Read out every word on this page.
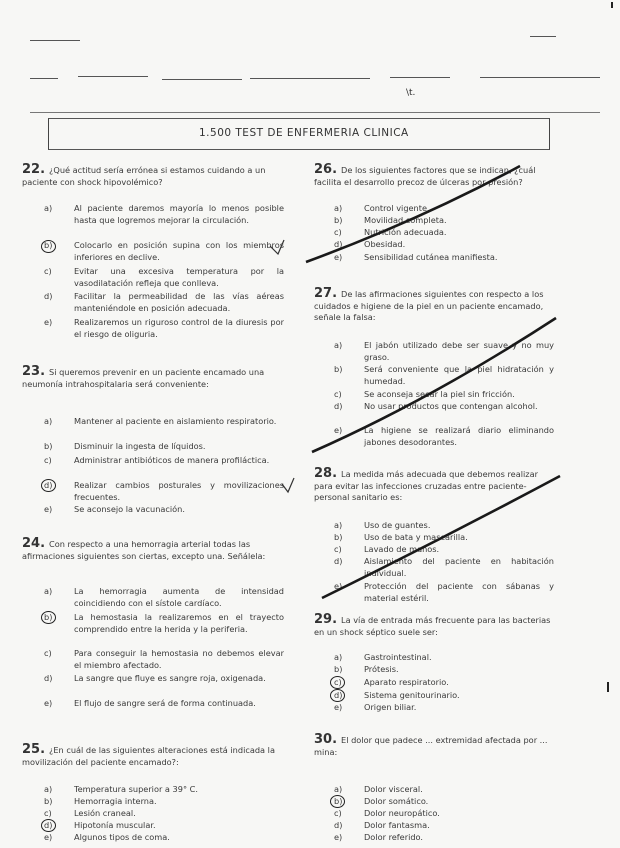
\t.
1.500 TEST DE ENFERMERIA CLINICA
22. ¿Qué actitud sería errónea si estamos cuidando a un paciente con shock hipovolémico?
a)	Al paciente daremos mayoría lo menos posible hasta que logremos mejorar la circulación.
b)	Colocarlo en posición supina con los miembros inferiores en declive.
c)	Evitar una excesiva temperatura por la vasodilatación refleja que conlleva.
d)	Facilitar la permeabilidad de las vías aéreas manteniéndole en posición adecuada.
e)	Realizaremos un riguroso control de la diuresis por el riesgo de oliguria.
23. Si queremos prevenir en un paciente encamado una neumonía intrahospitalaria será conveniente:
a)	Mantener al paciente en aislamiento respiratorio.
b)	Disminuir la ingesta de líquidos.
c)	Administrar antibióticos de manera profiláctica.
d)	Realizar cambios posturales y movilizaciones frecuentes.
e)	Se aconsejo la vacunación.
24. Con respecto a una hemorragia arterial todas las afirmaciones siguientes son ciertas, excepto una. Señálela:
a)	La hemorragia aumenta de intensidad coincidiendo con el sístole cardíaco.
b)	La hemostasia la realizaremos en el trayecto comprendido entre la herida y la periferia.
c)	Para conseguir la hemostasia no debemos elevar el miembro afectado.
d)	La sangre que fluye es sangre roja, oxigenada.
e)	El flujo de sangre será de forma continuada.
25. ¿En cuál de las siguientes alteraciones está indicada la movilización del paciente encamado?:
a)	Temperatura superior a 39° C.
b)	Hemorragia interna.
c)	Lesión craneal.
d)	Hipotonía muscular.
e)	Algunos tipos de coma.
26. De los siguientes factores que se indican, ¿cuál facilita el desarrollo precoz de úlceras por presión?
a)	Control vigente.
b)	Movilidad completa.
c)	Nutrición adecuada.
d)	Obesidad.
e)	Sensibilidad cutánea manifiesta.
27. De las afirmaciones siguientes con respecto a los cuidados e higiene de la piel en un paciente encamado, señale la falsa:
a)	El jabón utilizado debe ser suave y no muy graso.
b)	Será conveniente que la piel hidratación y humedad.
c)	Se aconseja secar la piel sin fricción.
d)	No usar productos que contengan alcohol.
e)	La higiene se realizará diario eliminando jabones desodorantes.
28. La medida más adecuada que debemos realizar para evitar las infecciones cruzadas entre paciente-personal sanitario es:
a)	Uso de guantes.
b)	Uso de bata y mascarilla.
c)	Lavado de manos.
d)	Aislamiento del paciente en habitación individual.
e)	Protección del paciente con sábanas y material estéril.
29. La vía de entrada más frecuente para las bacterias en un shock séptico suele ser:
a)	Gastrointestinal.
b)	Prótesis.
c)	Aparato respiratorio.
d)	Sistema genitourinario.
e)	Origen biliar.
30. El dolor que padece ... extremidad afectada por ... mina:
a)	Dolor visceral.
b)	Dolor somático.
c)	Dolor neuropático.
d)	Dolor fantasma.
e)	Dolor referido.
